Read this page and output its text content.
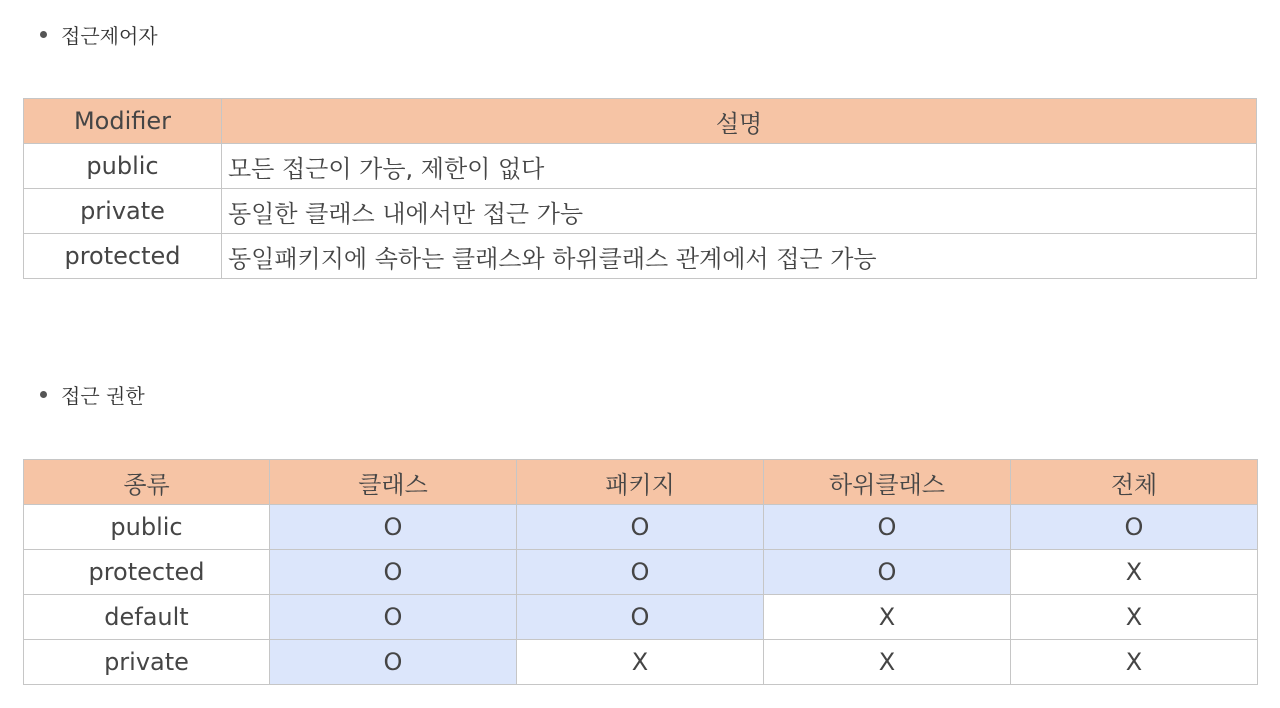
접근제어자
Modifier	설명
public	모든 접근이 가능, 제한이 없다
private	동일한 클래스 내에서만 접근 가능
protected	동일패키지에 속하는 클래스와 하위클래스 관계에서 접근 가능
접근 권한
종류	클래스	패키지	하위클래스	전체
public	O	O	O	O
protected	O	O	O	X
default	O	O	X	X
private	O	X	X	X
